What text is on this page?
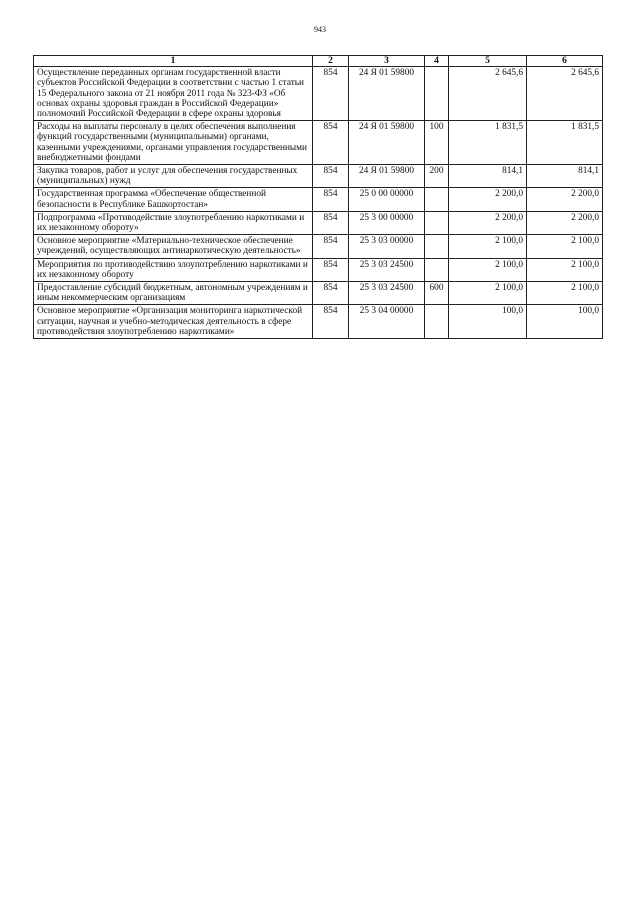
943
1	2	3	4	5	6
Осуществление переданных органам государственной власти субъектов Российской Федерации в соответствии с частью 1 статьи 15 Федерального закона от 21 ноября 2011 года № 323-ФЗ «Об основах охраны здоровья граждан в Российской Федерации» полномочий Российской Федерации в сфере охраны здоровья	854	24 Я 01 59800		2 645,6	2 645,6
Расходы на выплаты персоналу в целях обеспечения выполнения функций государственными (муниципальными) органами, казенными учреждениями, органами управления государственными внебюджетными фондами	854	24 Я 01 59800	100	1 831,5	1 831,5
Закупка товаров, работ и услуг для обеспечения государственных (муниципальных) нужд	854	24 Я 01 59800	200	814,1	814,1
Государственная программа «Обеспечение общественной безопасности в Республике Башкортостан»	854	25 0 00 00000		2 200,0	2 200,0
Подпрограмма «Противодействие злоупотреблению наркотиками и их незаконному обороту»	854	25 3 00 00000		2 200,0	2 200,0
Основное мероприятие «Материально-техническое обеспечение учреждений, осуществляющих антинаркотическую деятельность»	854	25 3 03 00000		2 100,0	2 100,0
Мероприятия по противодействию злоупотреблению наркотиками и их незаконному обороту	854	25 3 03 24500		2 100,0	2 100,0
Предоставление субсидий бюджетным, автономным учреждениям и иным некоммерческим организациям	854	25 3 03 24500	600	2 100,0	2 100,0
Основное мероприятие «Организация мониторинга наркотической ситуации, научная и учебно-методическая деятельность в сфере противодействия злоупотреблению наркотиками»	854	25 3 04 00000		100,0	100,0
